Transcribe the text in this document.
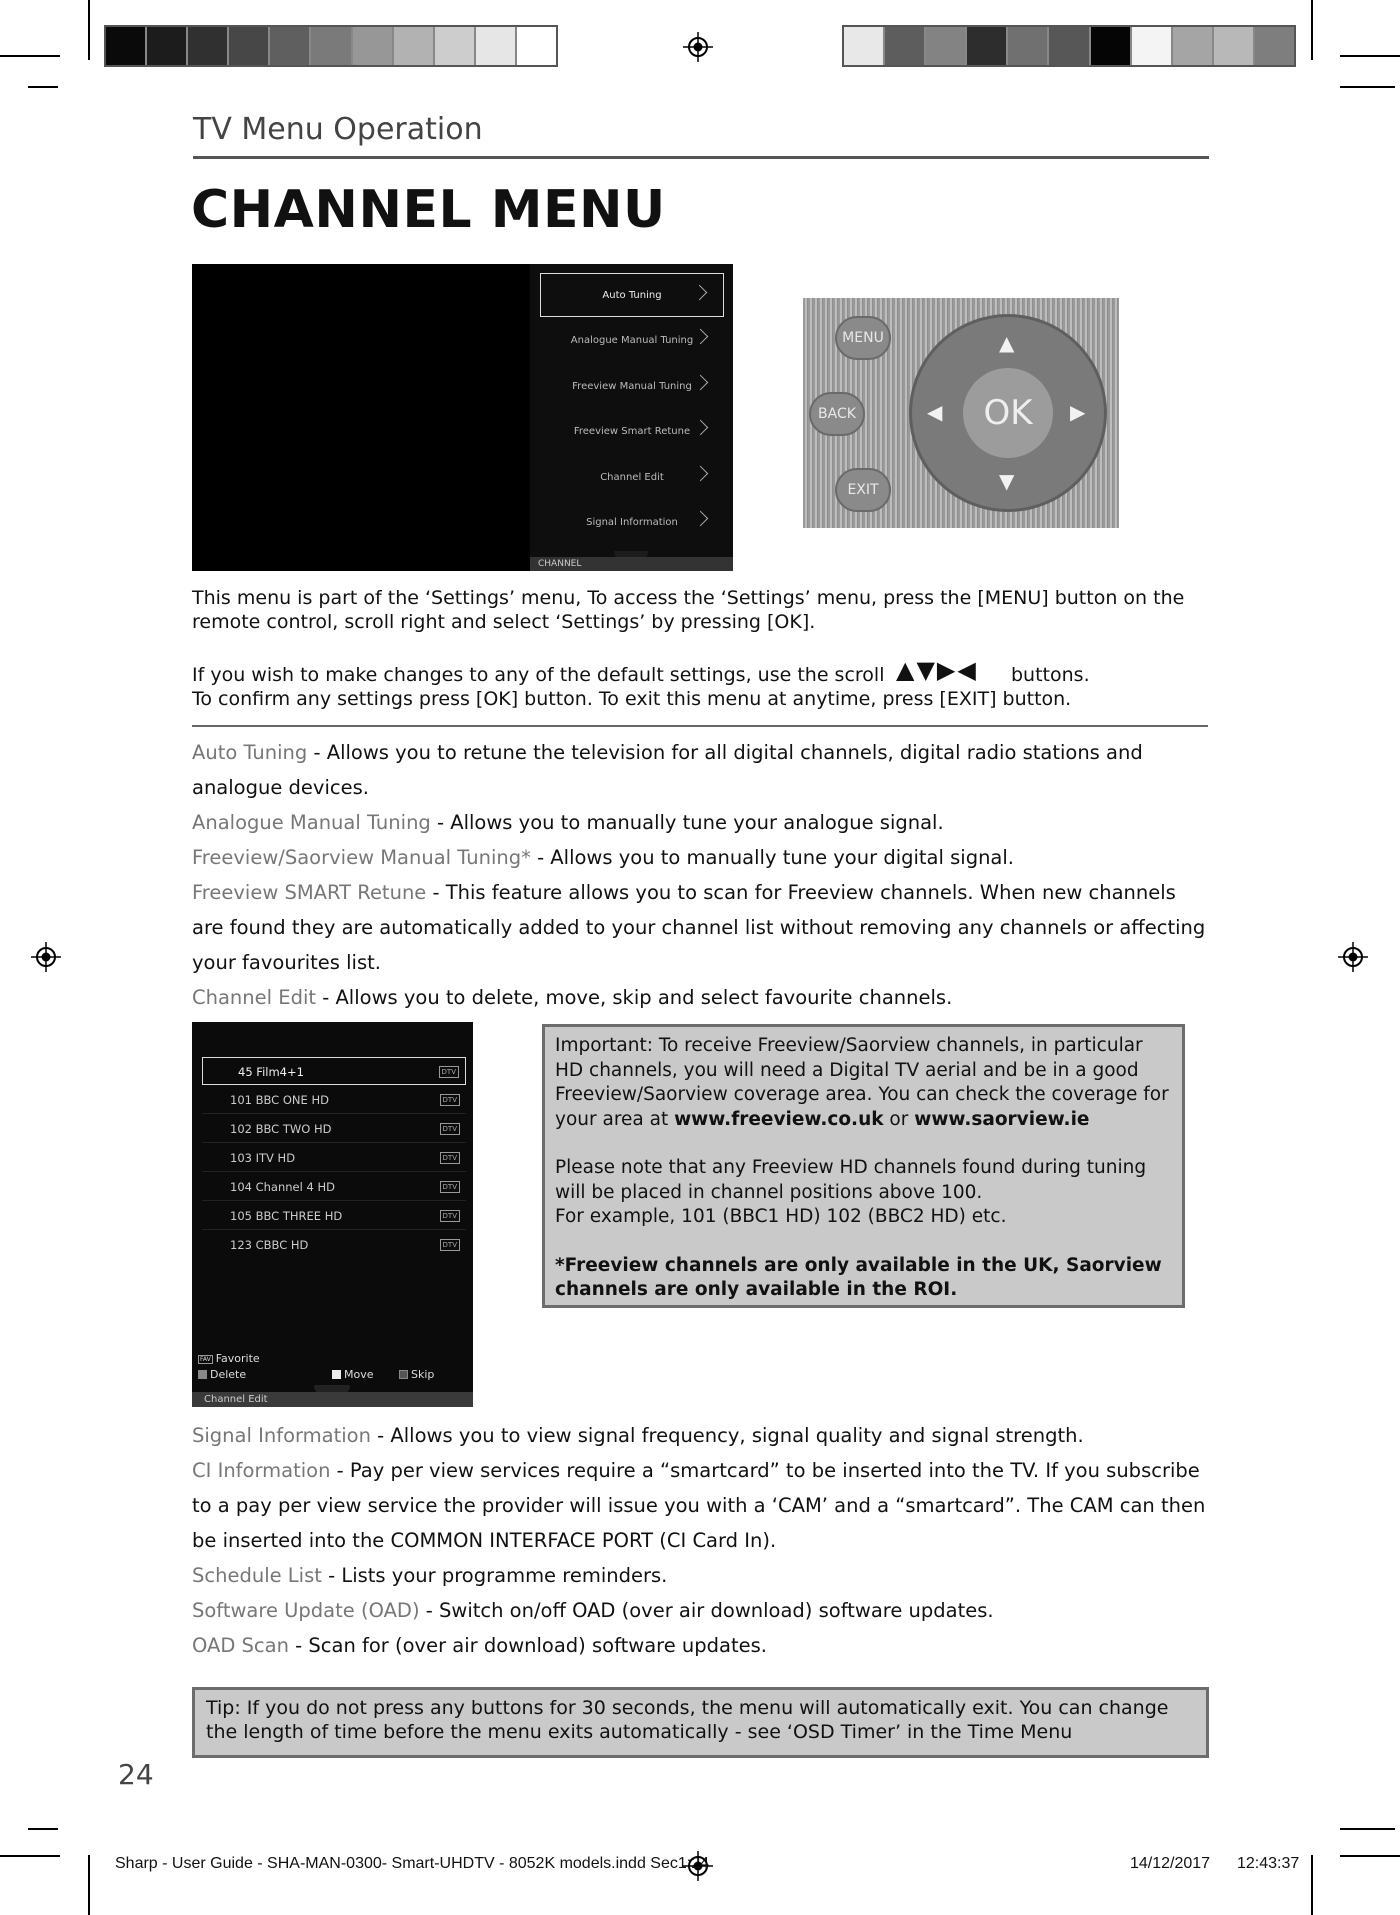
TV Menu Operation
CHANNEL MENU
Auto Tuning
Analogue Manual Tuning
Freeview Manual Tuning
Freeview Smart Retune
Channel Edit
Signal Information
CHANNEL
MENU
BACK
EXIT
OK
▲
▼
◀	▶
This menu is part of the ‘Settings’ menu, To access the ‘Settings’ menu, press the [MENU] button on the
remote control, scroll right and select ‘Settings’ by pressing [OK].
If you wish to make changes to any of the default settings, use the scroll ▲▼▶◀ buttons.
To confirm any settings press [OK] button. To exit this menu at anytime, press [EXIT] button.
Auto Tuning - Allows you to retune the television for all digital channels, digital radio stations and analogue devices.
Analogue Manual Tuning - Allows you to manually tune your analogue signal.
Freeview/Saorview Manual Tuning* - Allows you to manually tune your digital signal.
Freeview SMART Retune - This feature allows you to scan for Freeview channels. When new channels are found they are automatically added to your channel list without removing any channels or affecting your favourites list.
Channel Edit - Allows you to delete, move, skip and select favourite channels.
45 Film4+1	DTV
101 BBC ONE HD	DTV
102 BBC TWO HD	DTV
103 ITV HD	DTV
104 Channel 4 HD	DTV
105 BBC THREE HD	DTV
123 CBBC HD	DTV
FAV Favorite
Delete	Move	Skip
Channel Edit

Important: To receive Freeview/Saorview channels, in particular HD channels, you will need a Digital TV aerial and be in a good Freeview/Saorview coverage area. You can check the coverage for your area at www.freeview.co.uk or www.saorview.ie

Please note that any Freeview HD channels found during tuning will be placed in channel positions above 100.
For example, 101 (BBC1 HD) 102 (BBC2 HD) etc.

*Freeview channels are only available in the UK, Saorview channels are only available in the ROI.

Signal Information - Allows you to view signal frequency, signal quality and signal strength.
CI Information - Pay per view services require a “smartcard” to be inserted into the TV. If you subscribe to a pay per view service the provider will issue you with a ‘CAM’ and a “smartcard”. The CAM can then be inserted into the COMMON INTERFACE PORT (CI Card In).
Schedule List - Lists your programme reminders.
Software Update (OAD) - Switch on/off OAD (over air download) software updates.
OAD Scan - Scan for (over air download) software updates.
Tip: If you do not press any buttons for 30 seconds, the menu will automatically exit. You can change the length of time before the menu exits automatically - see ‘OSD Timer’ in the Time Menu
24
Sharp - User Guide - SHA-MAN-0300- Smart-UHDTV - 8052K models.indd Sec1:24	14/12/2017 12:43:37
